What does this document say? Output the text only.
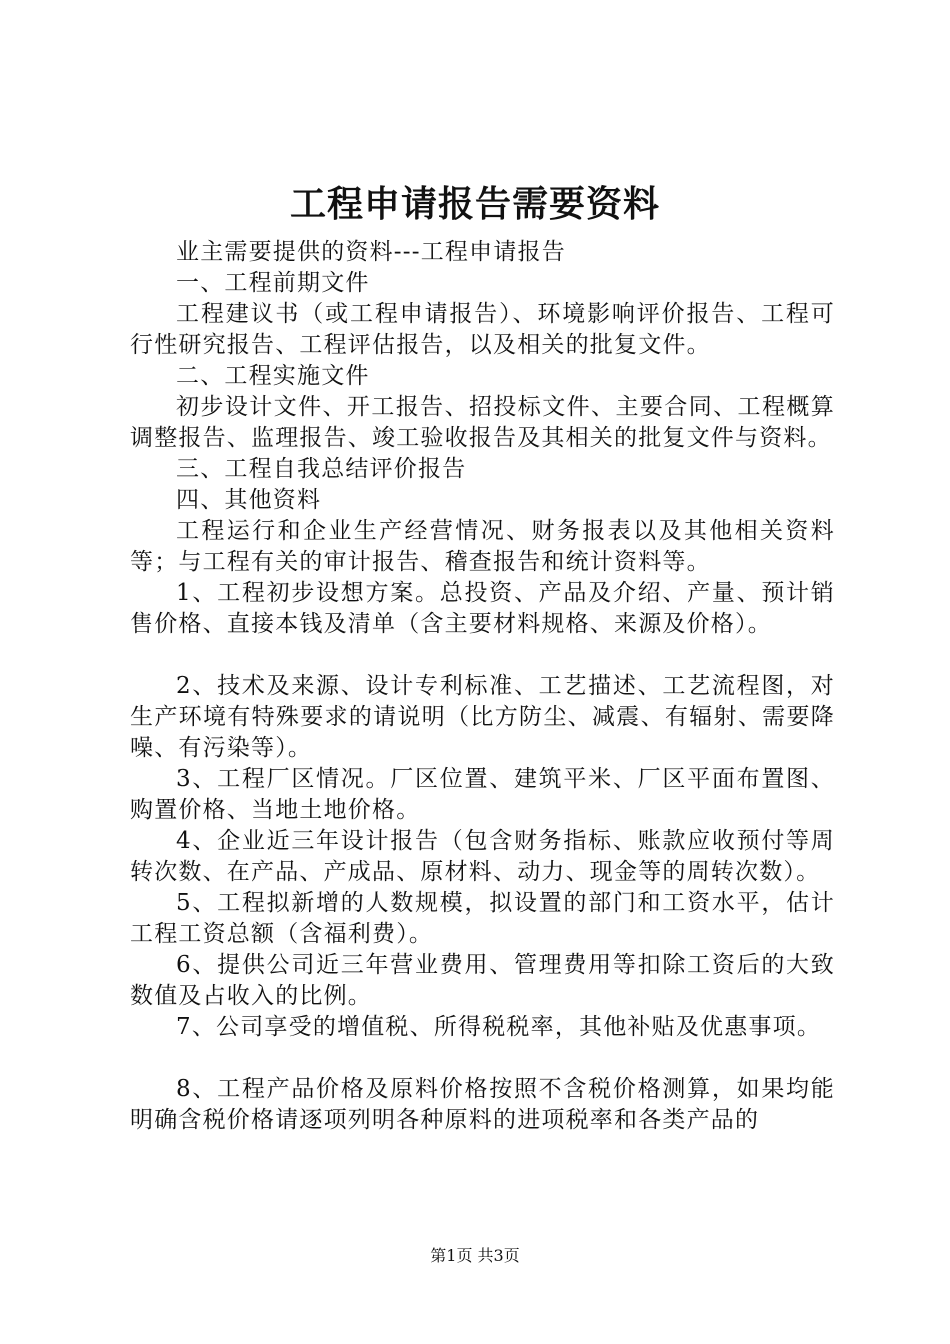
工程申请报告需要资料

业主需要提供的资料---工程申请报告

一、工程前期文件

工程建议书（或工程申请报告）、环境影响评价报告、工程可行性研究报告、工程评估报告，以及相关的批复文件。

二、工程实施文件

初步设计文件、开工报告、招投标文件、主要合同、工程概算调整报告、监理报告、竣工验收报告及其相关的批复文件与资料。

三、工程自我总结评价报告

四、其他资料

工程运行和企业生产经营情况、财务报表以及其他相关资料等；与工程有关的审计报告、稽查报告和统计资料等。

1、工程初步设想方案。总投资、产品及介绍、产量、预计销售价格、直接本钱及清单（含主要材料规格、来源及价格）。

2、技术及来源、设计专利标准、工艺描述、工艺流程图，对生产环境有特殊要求的请说明（比方防尘、减震、有辐射、需要降噪、有污染等）。

3、工程厂区情况。厂区位置、建筑平米、厂区平面布置图、购置价格、当地土地价格。

4、企业近三年设计报告（包含财务指标、账款应收预付等周转次数、在产品、产成品、原材料、动力、现金等的周转次数）。

5、工程拟新增的人数规模，拟设置的部门和工资水平，估计工程工资总额（含福利费）。

6、提供公司近三年营业费用、管理费用等扣除工资后的大致数值及占收入的比例。

7、公司享受的增值税、所得税税率，其他补贴及优惠事项。

8、工程产品价格及原料价格按照不含税价格测算，如果均能明确含税价格请逐项列明各种原料的进项税率和各类产品的

第1页 共3页
